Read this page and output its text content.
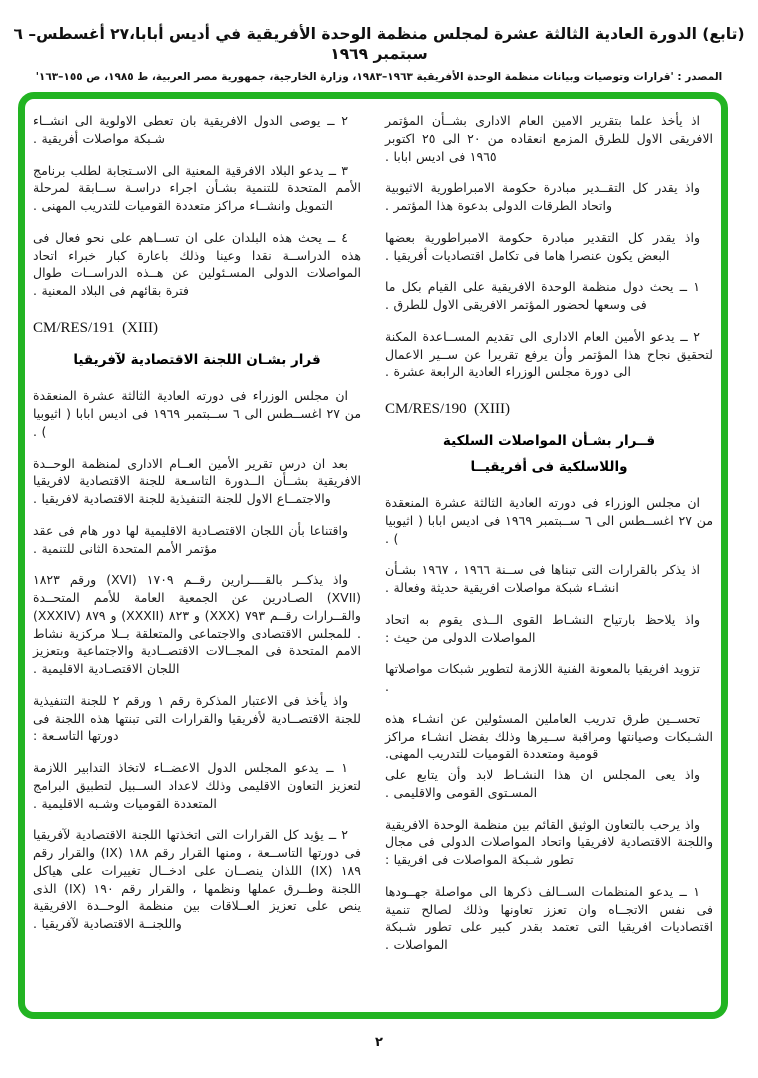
(تابع) الدورة العادية الثالثة عشرة لمجلس منظمة الوحدة الأفريقية في أديس أبابا،٢٧ أغسطس– ٦ سبتمبر ١٩٦٩
المصدر : 'قرارات وتوصيات وبيانات منظمة الوحدة الأفريقية ١٩٦٣–١٩٨٣، وزارة الخارجية، جمهورية مصر العربية، ط ١٩٨٥، ص ١٥٥–١٦٣'

اذ يأخذ علما بتقرير الامين العام الادارى بشــأن المؤتمر الافريقى الاول للطرق المزمع انعقاده من ٢٠ الى ٢٥ اكتوبر ١٩٦٥ فى اديس ابابا .

واذ يقدر كل التقــدير مبادرة حكومة الامبراطورية الاثيوبية واتحاد الطرقات الدولى بدعوة هذا المؤتمر .

واذ يقدر كل التقدير مبادرة حكومة الامبراطورية بعضها البعض يكون عنصرا هاما فى تكامل اقتصاديات أفريقيا .

١ ــ يحث دول منظمة الوحدة الافريقية على القيام بكل ما فى وسعها لحضور المؤتمر الافريقى الاول للطرق .

٢ ــ يدعو الأمين العام الادارى الى تقديم المســاعدة المكنة لتحقيق نجاح هذا المؤتمر وأن يرفع تقريرا عن ســير الاعمال الى دورة مجلس الوزراء العادية الرابعة عشرة .

CM/RES/190  (XIII)
قــرار بشـأن المواصلات السلكية
واللاسلكية فى أفريقيــا

ان مجلس الوزراء فى دورته العادية الثالثة عشرة المنعقدة من ٢٧ اغســطس الى ٦ ســبتمبر ١٩٦٩ فى اديس ابابا ( اثيوبيا ) .

اذ يذكر بالقرارات التى تبناها فى ســنة ١٩٦٦ ، ١٩٦٧ بشـأن انشـاء شبكة مواصلات افريقية حديثة وفعالة .

واذ يلاحظ بارتياح النشـاط القوى الــذى يقوم به اتحاد المواصلات الدولى من حيث :

تزويد افريقيا بالمعونة الفنية اللازمة لتطوير شبكات مواصلاتها .

تحســين طرق تدريب العاملين المسئولين عن انشـاء هذه الشـبكات وصيانتها ومراقبة ســيرها وذلك بفضل انشـاء مراكز قومية ومتعددة القوميات للتدريب المهنى.

واذ يعى المجلس ان هذا النشـاط لابد وأن يتابع على المسـتوى القومى والاقليمى .

واذ يرحب بالتعاون الوثيق القائم بين منظمة الوحدة الافريقية واللجنة الاقتصادية لافريقيا واتحاد المواصلات الدولى فى مجال تطور شـبكة المواصلات فى افريقيا :

١ ــ يدعو المنظمات الســالف ذكرها الى مواصلة جهــودها فى نفس الاتجــاه وان تعزز تعاونها وذلك لصالح تنمية اقتصاديات افريقيا التى تعتمد بقدر كبير على تطور شـبكة المواصلات .

٢ ــ يوصى الدول الافريقية بان تعطى الاولوية الى انشــاء شـبكة مواصلات أفريقية .

٣ ــ يدعو البلاد الافرقية المعنية الى الاسـتجابة لطلب برنامج الأمم المتحدة للتنمية بشـأن اجراء دراسـة ســابقة لمرحلة التمويل وانشــاء مراكز متعددة القوميات للتدريب المهنى .

٤ ــ يحث هذه البلدان على ان تســاهم على نحو فعال فى هذه الدراســة نقدا وعينا وذلك باعارة كبار خبراء اتحاد المواصلات الدولى المسـئولين عن هــذه الدراســات طوال فترة بقائهم فى البلاد المعنية .

CM/RES/191  (XIII)
قرار بشـان اللجنة الاقتصادية لآفريقيا

ان مجلس الوزراء فى دورته العادية الثالثة عشرة المنعقدة من ٢٧ اغســطس الى ٦ ســبتمبر ١٩٦٩ فى اديس ابابا ( اثيوبيا ) .

بعد ان درس تقرير الأمين العــام الادارى لمنظمة الوحــدة الافريقية بشــأن الــدورة التاسـعة للجنة الاقتصادية لافريقيا والاجتمــاع الاول للجنة التنفيذية للجنة الاقتصادية لافريقيا .

واقتناعا بأن اللجان الاقتصـادية الاقليمية لها دور هام فى عقد مؤتمر الأمم المتحدة الثانى للتنمية .

واذ يذكــر بالقــــرارين رقــم ١٧٠٩ (XVI) ورقم ١٨٢٣ (XVII) الصـادرين عن الجمعية العامة للأمم المتحــدة والقــرارات رقــم ٧٩٣ (XXX) و ٨٢٣ (XXXII) و ٨٧٩ (XXXIV) . للمجلس الاقتصادى والاجتماعى والمتعلقة بــلا مركزية نشاط الامم المتحدة فى المجــالات الاقتصــادية والاجتماعية وبتعزيز اللجان الاقتصـادية الاقليمية .

واذ يأخذ فى الاعتبار المذكرة رقم ١ ورقم ٢ للجنة التنفيذية للجنة الاقتصــادية لأفريقيا والقرارات التى تبنتها هذه اللجنة فى دورتها التاسـعة :

١ ــ يدعو المجلس الدول الاعضــاء لاتخاذ التدابير اللازمة لتعزيز التعاون الاقليمى وذلك لاعداد الســبيل لتطبيق البرامج المتعددة القوميات وشـبه الاقليمية .

٢ ــ يؤيد كل القرارات التى اتخذتها اللجنة الاقتصادية لآفريقيا فى دورتها التاســعة ، ومنها القرار رقم ١٨٨ (IX) والقرار رقم ١٨٩ (IX) اللذان ينصــان على ادخــال تغييرات على هياكل اللجنة وطــرق عملها ونظمها ، والقرار رقم ١٩٠ (IX) الذى ينص على تعزيز العــلاقات بين منظمة الوحــدة الافريقية واللجنــة الاقتصادية لآفريقيا .

٢
